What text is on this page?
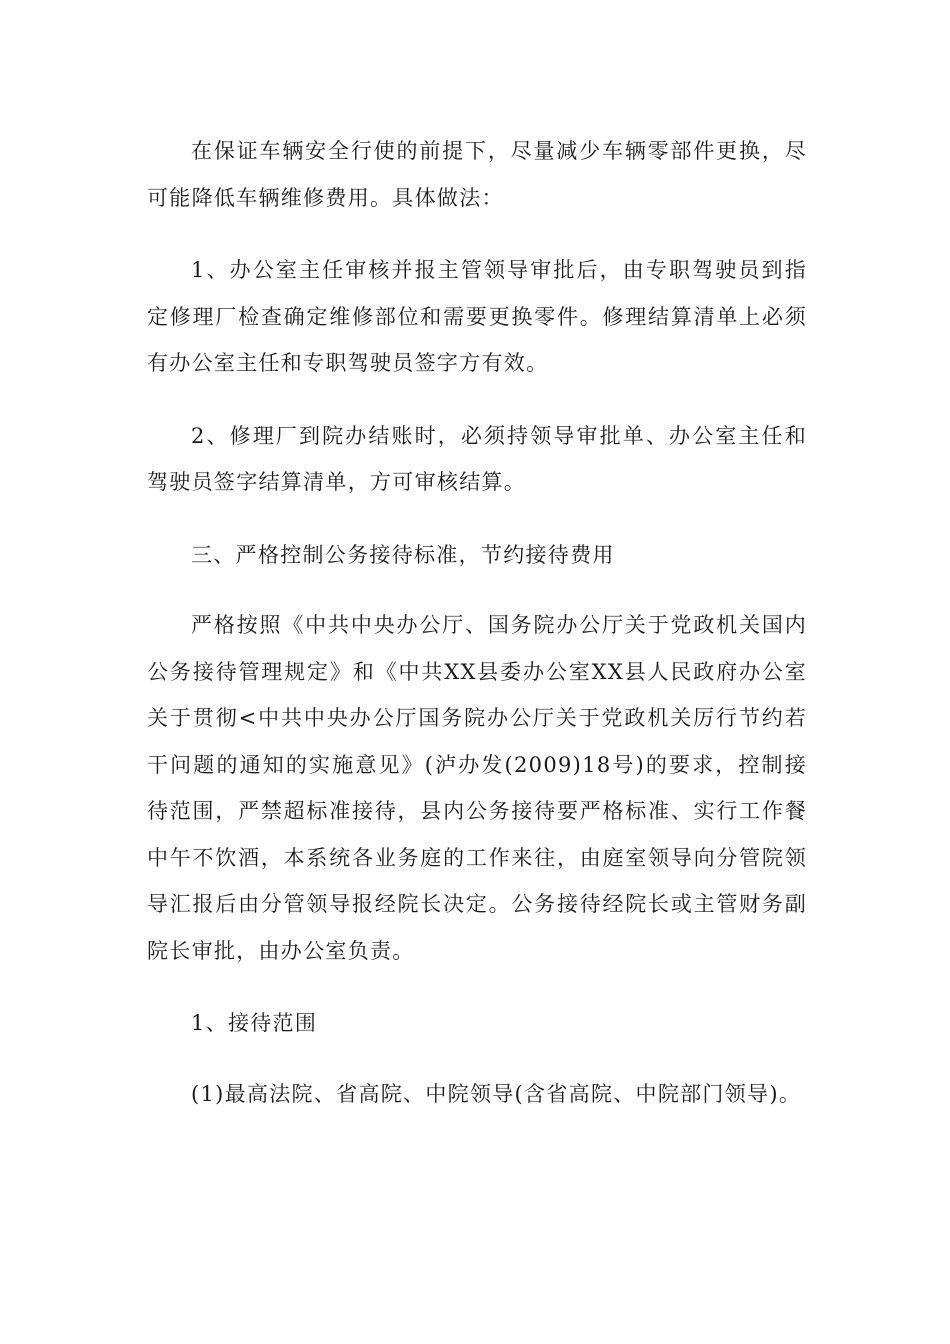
在保证车辆安全行使的前提下，尽量减少车辆零部件更换，尽可能降低车辆维修费用。具体做法：

1、办公室主任审核并报主管领导审批后，由专职驾驶员到指定修理厂检查确定维修部位和需要更换零件。修理结算清单上必须有办公室主任和专职驾驶员签字方有效。

2、修理厂到院办结账时，必须持领导审批单、办公室主任和驾驶员签字结算清单，方可审核结算。

三、严格控制公务接待标准，节约接待费用

严格按照《中共中央办公厅、国务院办公厅关于党政机关国内公务接待管理规定》和《中共XX县委办公室XX县人民政府办公室关于贯彻<中共中央办公厅国务院办公厅关于党政机关厉行节约若干问题的通知的实施意见》(泸办发(2009)18号)的要求，控制接待范围，严禁超标准接待，县内公务接待要严格标准、实行工作餐中午不饮酒，本系统各业务庭的工作来往，由庭室领导向分管院领导汇报后由分管领导报经院长决定。公务接待经院长或主管财务副院长审批，由办公室负责。

1、接待范围

(1)最高法院、省高院、中院领导(含省高院、中院部门领导)。
